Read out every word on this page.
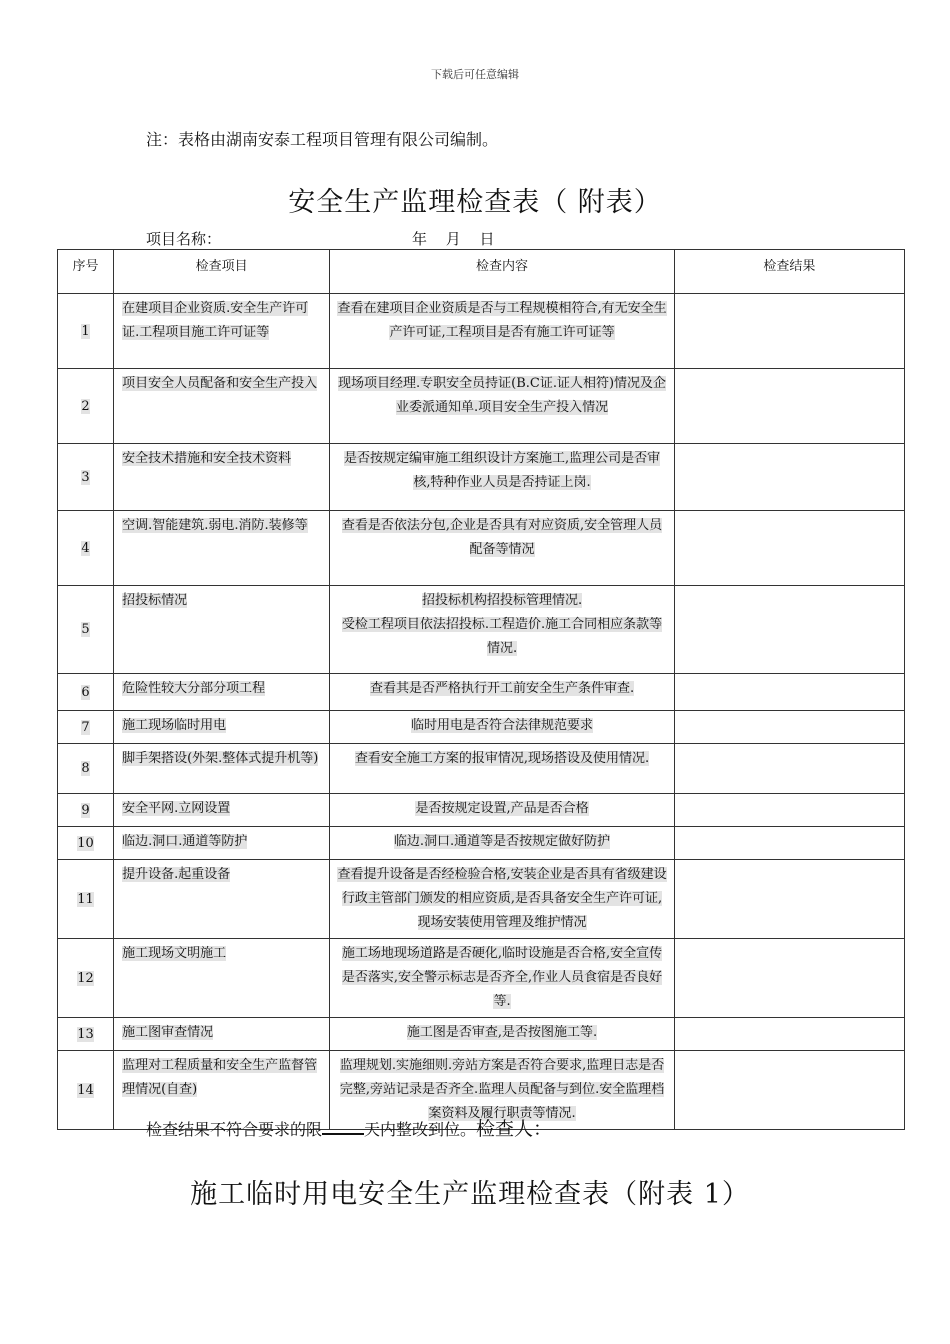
下载后可任意编辑
注：表格由湖南安泰工程项目管理有限公司编制。
安全生产监理检查表（ 附表）
项目名称：	年 月 日
序号	检查项目	检查内容	检查结果
1	在建项目企业资质.安全生产许可证.工程项目施工许可证等	查看在建项目企业资质是否与工程规模相符合,有无安全生产许可证,工程项目是否有施工许可证等	
2	项目安全人员配备和安全生产投入	现场项目经理.专职安全员持证(B.C证.证人相符)情况及企业委派通知单.项目安全生产投入情况	
3	安全技术措施和安全技术资料	是否按规定编审施工组织设计方案施工,监理公司是否审核,特种作业人员是否持证上岗.	
4	空调.智能建筑.弱电.消防.装修等	查看是否依法分包,企业是否具有对应资质,安全管理人员配备等情况	
5	招投标情况	招投标机构招投标管理情况.
受检工程项目依法招投标.工程造价.施工合同相应条款等情况.	
6	危险性较大分部分项工程	查看其是否严格执行开工前安全生产条件审查.	
7	施工现场临时用电	临时用电是否符合法律规范要求	
8	脚手架搭设(外架.整体式提升机等)	查看安全施工方案的报审情况,现场搭设及使用情况.	
9	安全平网.立网设置	是否按规定设置,产品是否合格	
10	临边.洞口.通道等防护	临边.洞口.通道等是否按规定做好防护	
11	提升设备.起重设备	查看提升设备是否经检验合格,安装企业是否具有省级建设行政主管部门颁发的相应资质,是否具备安全生产许可证,现场安装使用管理及维护情况	
12	施工现场文明施工	施工场地现场道路是否硬化,临时设施是否合格,安全宣传是否落实,安全警示标志是否齐全,作业人员食宿是否良好等.	
13	施工图审查情况	施工图是否审查,是否按图施工等.	
14	监理对工程质量和安全生产监督管理情况(自查)	监理规划.实施细则.旁站方案是否符合要求,监理日志是否完整,旁站记录是否齐全.监理人员配备与到位.安全监理档案资料及履行职责等情况.	
检查结果不符合要求的限	天内整改到位。检查人：
施工临时用电安全生产监理检查表（附表 1）
